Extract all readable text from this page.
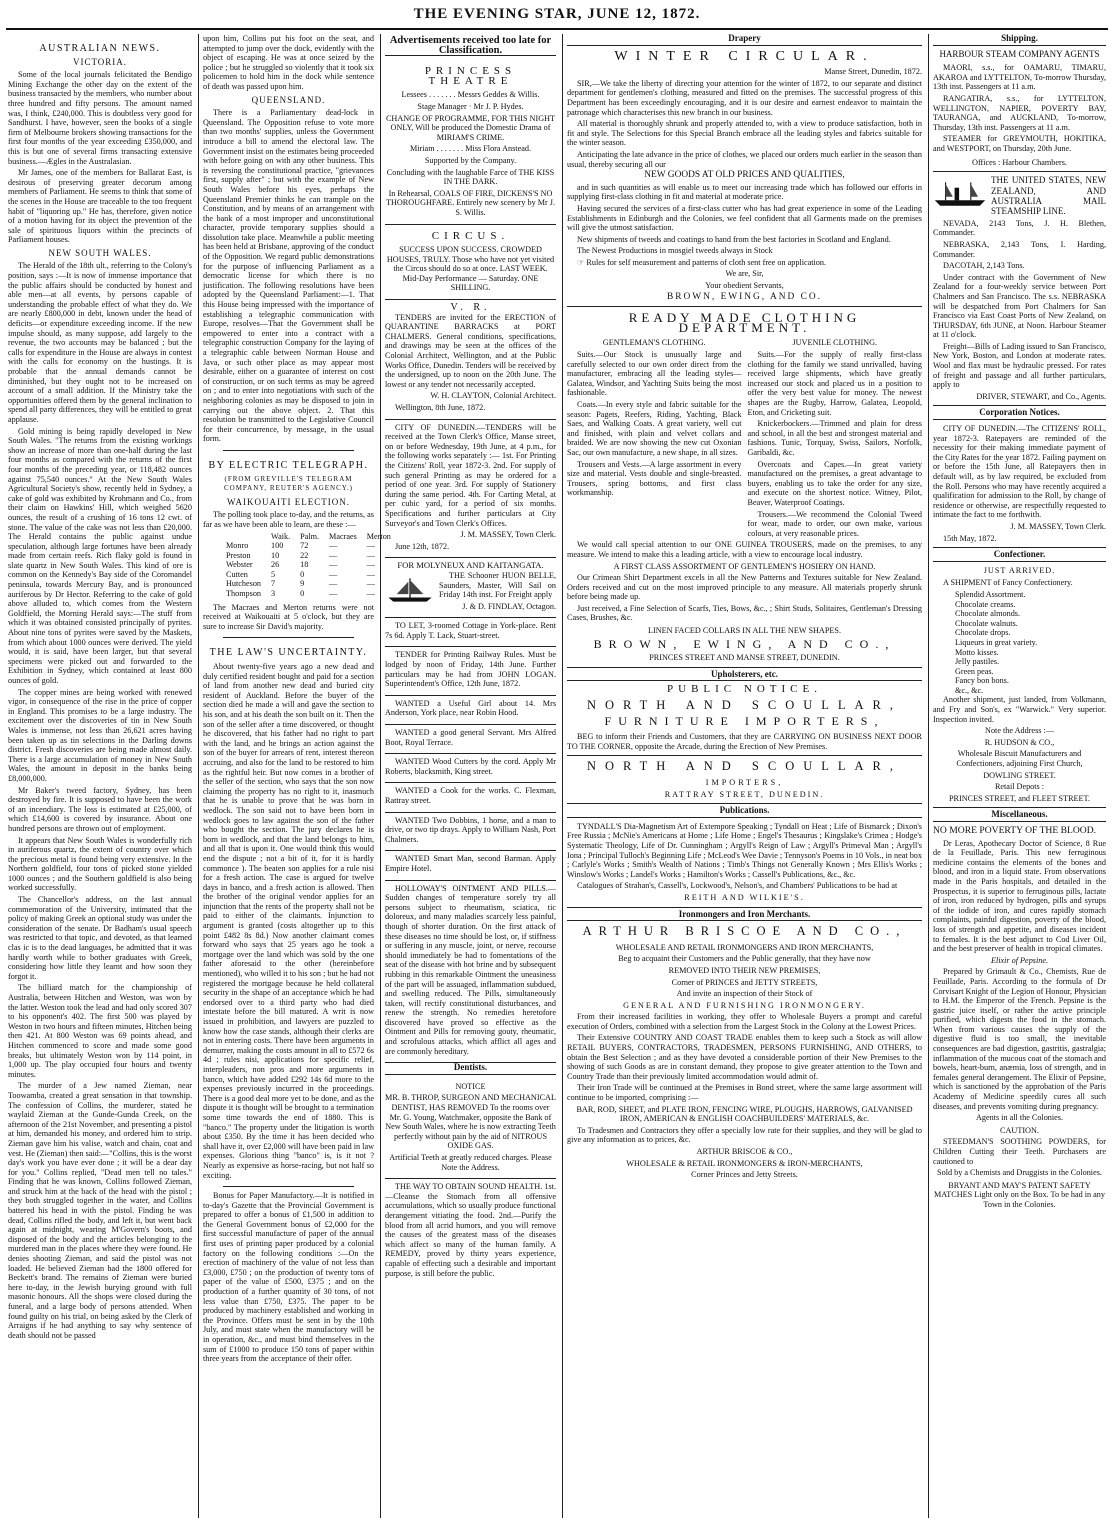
THE EVENING STAR, JUNE 12, 1872.
AUSTRALIAN NEWS.
VICTORIA.

Some of the local journals felicitated the Bendigo Mining Exchange the other day on the extent of the business transacted by the members, who number about three hundred and fifty persons. The amount named was, I think, £240,000. This is doubtless very good for Sandhurst. I have, however, seen the books of a single firm of Melbourne brokers showing transactions for the first four months of the year exceeding £350,000, and this is but one of several firms transacting extensive business.—Ægles in the Australasian.

Mr James, one of the members for Ballarat East, is desirous of preserving greater decorum among members of Parliament. He seems to think that some of the scenes in the House are traceable to the too frequent habit of "liquoring up." He has, therefore, given notice of a motion having for its object the prevention of the sale of spirituous liquors within the precincts of Parliament houses.

NEW SOUTH WALES.

The Herald of the 18th ult., referring to the Colony's position, says :—It is now of immense importance that the public affairs should be conducted by honest and able men—at all events, by persons capable of understanding the probable effect of what they do. We are nearly £800,000 in debt, known under the head of deficits—or expenditure exceeding income. If the new impulse should, as many suppose, add largely to the revenue, the two accounts may be balanced ; but the calls for expenditure in the House are always in contest with the calls for economy on the hustings. It is probable that the annual demands cannot be diminished, but they ought not to be increased on account of a small addition. If the Ministry take the opportunities offered them by the general inclination to spend all party differences, they will be entitled to great applause.

Gold mining is being rapidly developed in New South Wales. "The returns from the existing workings show an increase of more than one-half during the last four months as compared with the returns of the first four months of the preceding year, or 118,482 ounces against 75,540 ounces." At the New South Wales Agricultural Society's show, recently held in Sydney, a cake of gold was exhibited by Krohmann and Co., from their claim on Hawkins' Hill, which weighed 5620 ounces, the result of a crushing of 16 tons 12 cwt. of stone. The value of the cake was not less than £20,000. The Herald contains the public against undue speculation, although large fortunes have been already made from certain reefs. Rich flaky gold is found in slate quartz in New South Wales. This kind of ore is common on the Kennedy's Bay side of the Coromandel peninsula, towards Mercury Bay, and is pronounced auriferous by Dr Hector. Referring to the cake of gold above alluded to, which comes from the Western Goldfield, the Morning Herald says:—The stuff from which it was obtained consisted principally of pyrites. About nine tons of pyrites were saved by the Maskets, from which about 1000 ounces were derived. The yield would, it is said, have been larger, but that several specimens were picked out and forwarded to the Exhibition in Sydney, which contained at least 800 ounces of gold.

The copper mines are being worked with renewed vigor, in consequence of the rise in the price of copper in England. This promises to be a large industry. The excitement over the discoveries of tin in New South Wales is immense, not less than 26,621 acres having been taken up as tin selections in the Darling downs district. Fresh discoveries are being made almost daily. There is a large accumulation of money in New South Wales, the amount in deposit in the banks being £8,000,000.

Mr Baker's tweed factory, Sydney, has been destroyed by fire. It is supposed to have been the work of an incendiary. The loss is estimated at £25,000, of which £14,600 is covered by insurance. About one hundred persons are thrown out of employment.

It appears that New South Wales is wonderfully rich in auriferous quartz, the extent of country over which the precious metal is found being very extensive. In the Northern goldfield, four tons of picked stone yielded 1000 ounces ; and the Southern goldfield is also being worked successfully.

The Chancellor's address, on the last annual commemoration of the University, intimated that the policy of making Greek an optional study was under the consideration of the senate. Dr Badham's usual speech was restricted to that topic, and devoted, as that learned clas ic is to the dead languages, he admitted that it was hardly worth while to bother graduates with Greek, considering how little they learnt and how soon they forgot it.

The billiard match for the championship of Australia, between Hitchen and Weston, was won by the latter. Weston took the lead and had only scored 307 to his opponent's 402. The first 500 was played by Weston in two hours and fifteen minutes, Hitchen being then 421. At 800 Weston was 69 points ahead, and Hitchen commenced to score and made some good breaks, but ultimately Weston won by 114 point, in 1,000 up. The play occupied four hours and twenty minutes.

The murder of a Jew named Zieman, near Toowamba, created a great sensation in that township. The confession of Collins, the murderer, stated he waylaid Zieman at the Gunde-Gunda Creek, on the afternoon of the 21st November, and presenting a pistol at him, demanded his money, and ordered him to strip. Zieman gave him his valise, watch and chain, coat and vest. He (Zieman) then said:—"Collins, this is the worst day's work you have ever done ; it will be a dear day for you." Collins replied, "Dead men tell no tales." Finding that he was known, Collins followed Zieman, and struck him at the back of the head with the pistol ; they both struggled together in the water, and Collins battered his head in with the pistol. Finding he was dead, Collins rifled the body, and left it, but went back again at midnight, wearing M'Govern's boots, and disposed of the body and the articles belonging to the murdered man in the places where they were found. He denies shooting Zieman, and said the pistol was not loaded. He believed Zieman had the 1800 offered for Beckett's brand. The remains of Zieman were buried here to-day, in the Jewish burying ground with full masonic honours. All the shops were closed during the funeral, and a large body of persons attended. When found guilty on his trial, on being asked by the Clerk of Arraigns if he had anything to say why sentence of death should not be passed

upon him, Collins put his foot on the seat, and attempted to jump over the dock, evidently with the object of escaping. He was at once seized by the police ; but he struggled so violently that it took six policemen to hold him in the dock while sentence of death was passed upon him.

QUEENSLAND.

There is a Parliamentary dead-lock in Queensland. The Opposition refuse to vote more than two months' supplies, unless the Government introduce a bill to amend the electoral law. The Government insist on the estimates being proceeded with before going on with any other business. This is reversing the constitutional practice, "grievances first, supply after" ; but with the example of New South Wales before his eyes, perhaps the Queensland Premier thinks he can trample on the Constitution, and by means of an arrangement with the bank of a most improper and unconstitutional character, provide temporary supplies should a dissolution take place. Meanwhile a public meeting has been held at Brisbane, approving of the conduct of the Opposition. We regard public demonstrations for the purpose of influencing Parliament as a democratic license for which there is no justification. The following resolutions have been adopted by the Queensland Parliament:—1. That this House being impressed with the importance of establishing a telegraphic communication with Europe, resolves—That the Government shall be empowered to enter into a contract with a telegraphic construction Company for the laying of a telegraphic cable between Norman House and Java, or such other place as may appear most desirable, either on a guarantee of interest on cost of construction, or on such terms as may be agreed on ; and to enter into negotiations with such of the neighboring colonies as may be disposed to join in carrying out the above object. 2. That this resolution be transmitted to the Legislative Council for their concurrence, by message, in the usual form.

BY ELECTRIC TELEGRAPH.
(FROM GREVILLE'S TELEGRAM COMPANY, REUTER'S AGENCY.)
WAIKOUAITI ELECTION.

The polling took place to-day, and the returns, as far as we have been able to learn, are these :—

	Waik.	Palm.	Macraes	Merton
Monro	100	72	—	—
Preston	10	22	—	—
Webster	26	18	—	—
Cutten	5	0	—	—
Hutcheson	7	9	—	—
Thompson	3	0	—	—

The Macraes and Merton returns were not received at Waikouaiti at 5 o'clock, but they are sure to increase Sir David's majority.

THE LAW'S UNCERTAINTY.

About twenty-five years ago a new dead and duly certified resident bought and paid for a section of land from another new dead and buried city resident of Auckland. Before the buyer of the section died he made a will and gave the section to his son, and at his death the son built on it. Then the son of the seller after a time discovered, or thought he discovered, that his father had no right to part with the land, and he brings an action against the son of the buyer for arrears of rent, interest thereon accruing, and also for the land to be restored to him as the rightful heir. But now comes in a brother of the seller of the section, who says that the son now claiming the property has no right to it, inasmuch that he is unable to prove that he was born in wedlock. The son said not to have been born in wedlock goes to law against the son of the father who bought the section. The jury declares he is born in wedlock, and that the land belongs to him, and all that is upon it. One would think this would end the dispute ; not a bit of it, for it is hardly commonce ). The beaten son applies for a rule nisi for a fresh action. The case is argued for twelve days in banco, and a fresh action is allowed. Then the brother of the original vendor applies for an injunction that the rents of the property shall not be paid to either of the claimants. Injunction to argument is granted (costs altogether up to this point £482 8s 8d.) Now another claimant comes forward who says that 25 years ago he took a mortgage over the land which was sold by the one father aforesaid to the other (hereinbefore mentioned), who willed it to his son ; but he had not registered the mortgage because he held collateral security in the shape of an acceptance which he had endorsed over to a third party who had died intestate before the bill matured. A writ is now issued in prohibition, and lawyers are puzzled to know how the case stands, although their clerks are not in entering costs. There have been arguments in demurrer, making the costs amount in all to £572 6s 4d ; rules nisi, applications for specific relief, interpleaders, non pros and more arguments in banco, which have added £292 14s 6d more to the expenses previously incurred in the proceedings. There is a good deal more yet to be done, and as the dispute it is thought will be brought to a termination some time towards the end of 1880. This is "banco." The property under the litigation is worth about £350. By the time it has been decided who shall have it, over £2,000 will have been paid in law expenses. Glorious thing "banco" is, is it not ? Nearly as expensive as horse-racing, but not half so exciting.

Bonus for Paper Manufactory.—It is notified in to-day's Gazette that the Provincial Government is prepared to offer a bonus of £1,500 in addition to the General Government bonus of £2,000 for the first successful manufacture of paper of the annual first uses of printing paper produced by a colonial factory on the following conditions :—On the erection of machinery of the value of not less than £3,000, £750 ; on the production of twenty tons of paper of the value of £500, £375 ; and on the production of a further quantity of 30 tons, of not less value than £750, £375. The paper to be produced by machinery established and working in the Province. Offers must be sent in by the 10th July, and must state when the manufactory will be in operation, &c., and must bind themselves in the sum of £1000 to produce 150 tons of paper within three years from the acceptance of their offer.

Advertisements received too late for Classification.
PRINCESS THEATRE

Lessees . . . . . . . Messrs Geddes & Willis.

Stage Manager · Mr J. P. Hydes.

CHANGE OF PROGRAMME, FOR THIS NIGHT ONLY, Will be produced the Domestic Drama of MIRIAM'S CRIME.

Miriam . . . . . . . Miss Flora Anstead.

Supported by the Company.

Concluding with the laughable Farce of THE KISS IN THE DARK.

In Rehearsal, COALS OF FIRE, DICKENS'S NO THOROUGHFARE. Entirely new scenery by Mr J. S. Willis.

CIRCUS.

SUCCESS UPON SUCCESS. CROWDED HOUSES, TRULY. Those who have not yet visited the Circus should do so at once. LAST WEEK. Mid-Day Performance — Saturday. ONE SHILLING.

V. R.

TENDERS are invited for the ERECTION of QUARANTINE BARRACKS at PORT CHALMERS. General conditions, specifications, and drawings may be seen at the offices of the Colonial Architect, Wellington, and at the Public Works Office, Dunedin. Tenders will be received by the undersigned, up to noon on the 20th June. The lowest or any tender not necessarily accepted.

W. H. CLAYTON, Colonial Architect.

Wellington, 8th June, 1872.

CITY OF DUNEDIN.—TENDERS will be received at the Town Clerk's Office, Manse street, on or before Wednesday, 19th June, at 4 p.m., for the following works separately :— 1st. For Printing the Citizens' Roll, year 1872-3. 2nd. For supply of such general Printing as may be ordered for a period of one year. 3rd. For supply of Stationery during the same period. 4th. For Carting Metal, at per cubic yard, for a period of six months. Specifications and further particulars at City Surveyor's and Town Clerk's Offices.

J. M. MASSEY, Town Clerk.

June 12th, 1872.

FOR MOLYNEUX AND KAITANGATA.

THE Schooner HUON BELLE, Saunders, Master, Will Sail on Friday 14th inst. For Freight apply

J. & D. FINDLAY, Octagon.

TO LET, 3-roomed Cottage in York-place. Rent 7s 6d. Apply T. Lack, Stuart-street.

TENDER for Printing Railway Rules. Must be lodged by noon of Friday, 14th June. Further particulars may be had from JOHN LOGAN. Superintendent's Office, 12th June, 1872.

WANTED a Useful Girl about 14. Mrs Anderson, York place, near Robin Hood.

WANTED a good general Servant. Mrs Alfred Boot, Royal Terrace.

WANTED Wood Cutters by the cord. Apply Mr Roberts, blacksmith, King street.

WANTED a Cook for the works. C. Flexman, Rattray street.

WANTED Two Dobbins, 1 horse, and a man to drive, or two tip drays. Apply to William Nash, Port Chalmers.

WANTED Smart Man, second Barman. Apply Empire Hotel.

HOLLOWAY'S OINTMENT AND PILLS.—Sudden changes of temperature sorely try all persons subject to rheumatism, sciatica, tic doloreux, and many maladies scarcely less painful, though of shorter duration. On the first attack of these diseases no time should be lost, or, if stiffness or suffering in any muscle, joint, or nerve, recourse should immediately be had to fomentations of the seat of the disease with hot brine and by subsequent rubbing in this remarkable Ointment the uneasiness of the part will be assuaged, inflammation subdued, and swelling reduced. The Pills, simultaneously taken, will rectify constitutional disturbances, and renew the strength. No remedies heretofore discovered have proved so effective as the Ointment and Pills for removing gouty, rheumatic, and scrofulous attacks, which afflict all ages and are commonly hereditary.

Dentists.

NOTICE

MR. B. THROP, SURGEON AND MECHANICAL DENTIST, HAS REMOVED To the rooms over Mr. G. Young, Watchmaker, opposite the Bank of New South Wales, where he is now extracting Teeth perfectly without pain by the aid of NITROUS OXIDE GAS.

Artificial Teeth at greatly reduced charges. Please Note the Address.

THE WAY TO OBTAIN SOUND HEALTH. 1st.—Cleanse the Stomach from all offensive accumulations, which so usually produce functional derangement vitiating the food. 2nd.—Purify the blood from all acrid humors, and you will remove the causes of the greatest mass of the diseases which affect so many of the human family. A REMEDY, proved by thirty years experience, capable of effecting such a desirable and important purpose, is still before the public.

Drapery
WINTER CIRCULAR.

Manse Street, Dunedin, 1872.

SIR,—We take the liberty of directing your attention for the winter of 1872, to our separate and distinct department for gentlemen's clothing, measured and fitted on the premises. The successful progress of this Department has been exceedingly encouraging, and it is our desire and earnest endeavor to maintain the patronage which characterises this new branch in our business.

All material is thoroughly shrunk and properly attended to, with a view to produce satisfaction, both in fit and style. The Selections for this Special Branch embrace all the leading styles and fabrics suitable for the winter season.

Anticipating the late advance in the price of clothes, we placed our orders much earlier in the season than usual, thereby securing all our

NEW GOODS AT OLD PRICES AND QUALITIES,

and in such quantities as will enable us to meet our increasing trade which has followed our efforts in supplying first-class clothing in fit and material at moderate price.

Having secured the services of a first-class cutter who has had great experience in some of the Leading Establishments in Edinburgh and the Colonies, we feel confident that all Garments made on the premises will give the utmost satisfaction.

New shipments of tweeds and coatings to hand from the best factories in Scotland and England.

The Newest Productions in mosgiel tweeds always in Stock

☞ Rules for self measurement and patterns of cloth sent free on application.

We are, Sir,

Your obedient Servants,

BROWN, EWING, AND CO.

READY MADE CLOTHING DEPARTMENT.

GENTLEMAN'S CLOTHING.

Suits.—Our Stock is unusually large and carefully selected to our own order direct from the manufacturer, embracing all the leading styles—Galatea, Windsor, and Yachting Suits being the most fashionable.

Coats.—In every style and fabric suitable for the season: Pagets, Reefers, Riding, Yachting, Black Saes, and Walking Coats. A great variety, well cut and finished, with plain and velvet collars and braided. We are now showing the new cut Oxonian Sac, our own manufacture, a new shape, in all sizes.

Trousers and Vests.—A large assortment in every size and material. Vests double and single-breasted. Trousers, spring bottoms, and first class workmanship.

JUVENILE CLOTHING.

Suits.—For the supply of really first-class clothing for the family we stand unrivalled, having received large shipments, which have greatly increased our stock and placed us in a position to offer the very best value for money. The newest shapes are the Rugby, Harrow, Galatea, Leopold, Eton, and Cricketing suit.

Knickerbockers.—Trimmed and plain for dress and school, in all the best and strongest material and fashions. Tunic, Torquay, Swiss, Sailors, Norfolk, Garibaldi, &c.

Overcoats and Capes.—In great variety manufactured on the premises, a great advantage to buyers, enabling us to take the order for any size, and execute on the shortest notice. Witney, Pilot, Beaver, Waterproof Coatings.

Trousers.—We recommend the Colonial Tweed for wear, made to order, our own make, various colours, at very reasonable prices.

We would call special attention to our ONE GUINEA TROUSERS, made on the premises, to any measure. We intend to make this a leading article, with a view to encourage local industry.

A FIRST CLASS ASSORTMENT OF GENTLEMEN'S HOSIERY ON HAND.

Our Crimean Shirt Department excels in all the New Patterns and Textures suitable for New Zealand. Orders received and cut on the most improved principle to any measure. All materials properly shrunk before being made up.

Just received, a Fine Selection of Scarfs, Ties, Bows, &c., ; Shirt Studs, Solitaires, Gentleman's Dressing Cases, Brushes, &c.

LINEN FACED COLLARS IN ALL THE NEW SHAPES.

BROWN, EWING, AND CO.,

PRINCES STREET AND MANSE STREET, DUNEDIN.

Upholsterers, etc.
PUBLIC NOTICE.
NORTH AND SCOULLAR,
FURNITURE IMPORTERS,

BEG to inform their Friends and Customers, that they are CARRYING ON BUSINESS NEXT DOOR TO THE CORNER, opposite the Arcade, during the Erection of New Premises.

NORTH AND SCOULLAR,

IMPORTERS,

RATTRAY STREET, DUNEDIN.

Publications.

TYNDALL'S Dia-Magnetism Art of Extempore Speaking ; Tyndall on Heat ; Life of Bismarck ; Dixon's Free Russia ; McNie's Americans at Home ; Life Home ; Engel's Thesaurus ; Kingslake's Crimea ; Hodge's Systematic Theology, Life of Dr. Cunningham ; Argyll's Reign of Law ; Argyll's Primeval Man ; Argyll's Iona ; Principal Tulloch's Beginning Life ; McLeod's Wee Davie ; Tennyson's Poems in 10 Vols., in neat box ; Carlyle's Works ; Smith's Wealth of Nations ; Timb's Things not Generally Known ; Mrs Ellis's Works ; Winslow's Works ; Landel's Works ; Hamilton's Works ; Cassell's Publications, &c., &c.

Catalogues of Strahan's, Cassell's, Lockwood's, Nelson's, and Chambers' Publications to be had at

REITH AND WILKIE'S.

Ironmongers and Iron Merchants.
ARTHUR BRISCOE AND CO.,

WHOLESALE AND RETAIL IRONMONGERS AND IRON MERCHANTS,

Beg to acquaint their Customers and the Public generally, that they have now

REMOVED INTO THEIR NEW PREMISES,

Corner of PRINCES and JETTY STREETS,

And invite an inspection of their Stock of

GENERAL AND FURNISHING IRONMONGERY.

From their increased facilities in working, they offer to Wholesale Buyers a prompt and careful execution of Orders, combined with a selection from the Largest Stock in the Colony at the Lowest Prices.

Their Extensive COUNTRY AND COAST TRADE enables them to keep such a Stock as will allow RETAIL BUYERS, CONTRACTORS, TRADESMEN, PERSONS FURNISHING, AND OTHERS, to obtain the Best Selection ; and as they have devoted a considerable portion of their New Premises to the showing of such Goods as are in constant demand, they propose to give greater attention to the Town and Country Trade than their previously limited accommodation would admit of.

Their Iron Trade will be continued at the Premises in Bond street, where the same large assortment will continue to be imported, comprising :—

BAR, ROD, SHEET, and PLATE IRON, FENCING WIRE, PLOUGHS, HARROWS, GALVANISED IRON, AMERICAN & ENGLISH COACHBUILDERS' MATERIALS, &c.

To Tradesmen and Contractors they offer a specially low rate for their supplies, and they will be glad to give any information as to prices, &c.

ARTHUR BRISCOE & CO.,

WHOLESALE & RETAIL IRONMONGERS & IRON-MERCHANTS,

Corner Princes and Jetty Streets.

Shipping.
HARBOUR STEAM COMPANY AGENTS

MAORI, s.s., for OAMARU, TIMARU, AKAROA and LYTTELTON, To-morrow Thursday, 13th inst. Passengers at 11 a.m.

RANGATIRA, s.s., for LYTTELTON, WELLINGTON, NAPIER, POVERTY BAY, TAURANGA, and AUCKLAND, To-morrow, Thursday, 13th inst. Passengers at 11 a.m.

STEAMER for GREYMOUTH, HOKITIKA, and WESTPORT, on Thursday, 20th June.

Offices : Harbour Chambers.

THE UNITED STATES, NEW ZEALAND, AND AUSTRALIA MAIL STEAMSHIP LINE.

NEVADA, 2143 Tons, J. H. Blethen, Commander.

NEBRASKA, 2,143 Tons, I. Harding, Commander.

DACOTAH, 2,143 Tons.

Under contract with the Government of New Zealand for a four-weekly service between Port Chalmers and San Francisco. The s.s. NEBRASKA will be despatched from Port Chalmers for San Francisco via East Coast Ports of New Zealand, on THURSDAY, 6th JUNE, at Noon. Harbour Steamer at 11 o'clock.

Freight—Bills of Lading issued to San Francisco, New York, Boston, and London at moderate rates. Wool and flax must be hydraulic pressed. For rates of freight and passage and all further particulars, apply to

DRIVER, STEWART, and Co., Agents.

Corporation Notices.

CITY OF DUNEDIN.—The CITIZENS' ROLL, year 1872-3. Ratepayers are reminded of the necessity for their making immediate payment of the City Rates for the year 1872. Failing payment on or before the 15th June, all Ratepayers then in default will, as by law required, be excluded from the Roll. Persons who may have recently acquired a qualification for admission to the Roll, by change of residence or otherwise, are respectfully requested to intimate the fact to me forthwith.

J. M. MASSEY, Town Clerk.

15th May, 1872.

Confectioner.

JUST ARRIVED.

A SHIPMENT of Fancy Confectionery.

Splendid Assortment.
Chocolate creams.
Chocolate almonds.
Chocolate walnuts.
Chocolate drops.
Liqueurs in great variety.
Motto kisses.
Jelly pastiles.
Green peas.
Fancy bon bons.
&c., &c.

Another shipment, just landed, from Volkmann, and Fry and Son's, ex "Warwick." Very superior. Inspection invited.

Note the Address :—

R. HUDSON & CO.,

Wholesale Biscuit Manufacturers and Confectioners, adjoining First Church,

DOWLING STREET.

Retail Depots :

PRINCES STREET, and FLEET STREET.

Miscellaneous.

NO MORE POVERTY OF THE BLOOD.

Dr Leras, Apothecary Doctor of Science, 8 Rue de la Feuillade, Paris. This new ferruginous medicine contains the elements of the bones and blood, and iron in a liquid state. From observations made in the Paris hospitals, and detailed in the Prospectus, it is superior to ferruginous pills, lactate of iron, iron reduced by hydrogen, pills and syrups of the iodide of iron, and cures rapidly stomach complaints, painful digestion, poverty of the blood, loss of strength and appetite, and diseases incident to females. It is the best adjunct to Cod Liver Oil, and the best preserver of health in tropical climates.

Elixir of Pepsine.

Prepared by Grimault & Co., Chemists, Rue de Feuillade, Paris. According to the formula of Dr Corvisart Knight of the Legion of Honour, Physician to H.M. the Emperor of the French. Pepsine is the gastric juice itself, or rather the active principle purified, which digests the food in the stomach. When from various causes the supply of the digestive fluid is too small, the inevitable consequences are bad digestion, gastritis, gastralgia; inflammation of the mucous coat of the stomach and bowels, heart-burn, anæmia, loss of strength, and in females general derangement. The Elixir of Pepsine, which is sanctioned by the approbation of the Paris Academy of Medicine speedily cures all such diseases, and prevents vomiting during pregnancy.

Agents in all the Colonies.

CAUTION.

STEEDMAN'S SOOTHING POWDERS, for Children Cutting their Teeth. Purchasers are cautioned to

Sold by a Chemists and Druggists in the Colonies.

BRYANT AND MAY'S PATENT SAFETY MATCHES Light only on the Box. To be had in any Town in the Colonies.
